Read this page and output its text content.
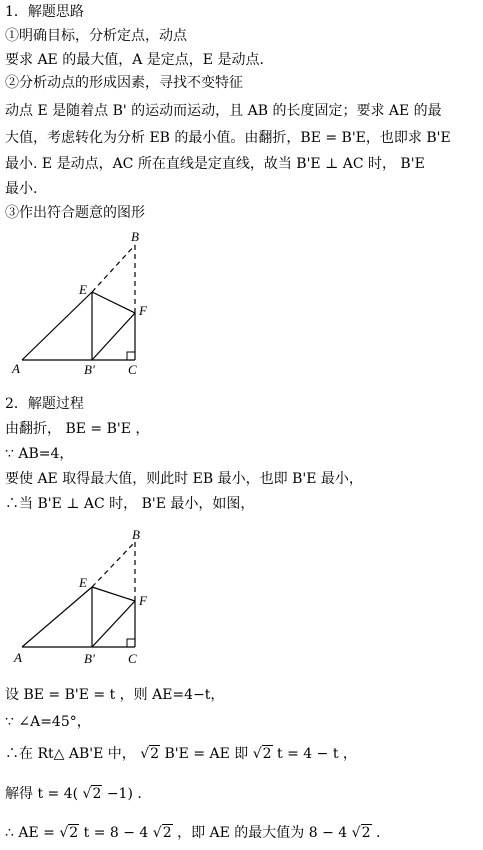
1．解题思路
①明确目标，分析定点，动点
要求 AE 的最大值，A 是定点，E 是动点.
②分析动点的形成因素，寻找不变特征
动点 E 是随着点 B' 的运动而运动，且 AB 的长度固定；要求 AE 的最
大值，考虑转化为分析 EB 的最小值。由翻折，BE = B'E，也即求 B'E
最小. E 是动点，AC 所在直线是定直线，故当 B'E ⊥ AC 时， B'E
最小.
③作出符合题意的图形
A
B
E
F
B'	C
2．解题过程
由翻折， BE = B'E ，
∵ AB=4，
要使 AE 取得最大值，则此时 EB 最小，也即 B'E 最小，
∴当 B'E ⊥ AC 时， B'E 最小，如图，
A
B
E
F
B'	C
设 BE = B'E = t ，则 AE=4−t，
∵ ∠A=45°，
∴在 Rt△ AB'E 中， √2 B'E = AE 即 √2 t = 4 − t ，
解得 t = 4( √2 −1) .
∴ AE = √2 t = 8 − 4 √2 ，即 AE 的最大值为 8 − 4 √2 .
